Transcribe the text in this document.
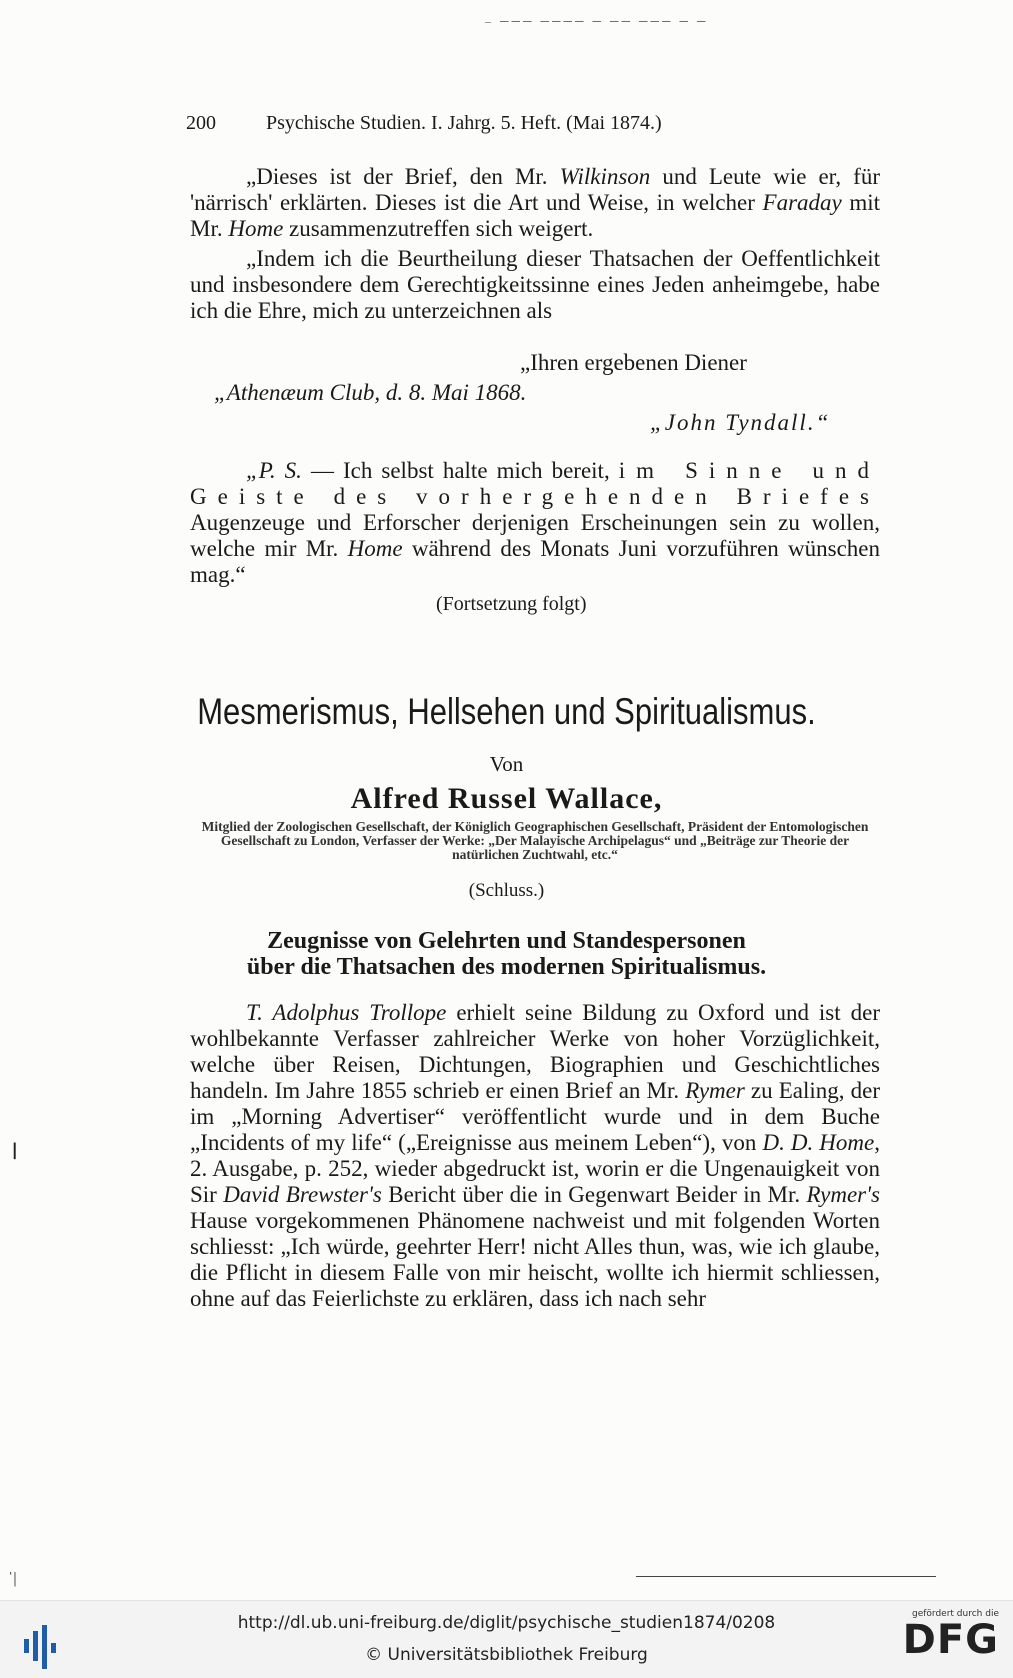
‒ ─── ──── ─ ── ─── ─ ─
200	Psychische Studien. I. Jahrg. 5. Heft. (Mai 1874.)

„Dieses ist der Brief, den Mr. Wilkinson und Leute wie er, für 'närrisch' erklärten. Dieses ist die Art und Weise, in welcher Faraday mit Mr. Home zusammenzutreffen sich weigert.

„Indem ich die Beurtheilung dieser Thatsachen der Oeffentlichkeit und insbesondere dem Gerechtigkeitssinne eines Jeden anheimgebe, habe ich die Ehre, mich zu unterzeichnen als

„Ihren ergebenen Diener
„Athenæum Club, d. 8. Mai 1868.
„John Tyndall.“

„P. S. — Ich selbst halte mich bereit, im Sinne und Geiste des vorhergehenden Briefes Augenzeuge und Erforscher derjenigen Erscheinungen sein zu wollen, welche mir Mr. Home während des Monats Juni vorzuführen wünschen mag.“

(Fortsetzung folgt)
Mesmerismus, Hellsehen und Spiritualismus.
Von
Alfred Russel Wallace,
Mitglied der Zoologischen Gesellschaft, der Königlich Geographischen Gesellschaft, Präsident der Entomologischen Gesellschaft zu London, Verfasser der Werke: „Der Malayische Archipelagus“ und „Beiträge zur Theorie der natürlichen Zuchtwahl, etc.“
(Schluss.)
Zeugnisse von Gelehrten und Standespersonen
über die Thatsachen des modernen Spiritualismus.

T. Adolphus Trollope erhielt seine Bildung zu Oxford und ist der wohlbekannte Verfasser zahlreicher Werke von hoher Vorzüglichkeit, welche über Reisen, Dichtungen, Biographien und Geschichtliches handeln. Im Jahre 1855 schrieb er einen Brief an Mr. Rymer zu Ealing, der im „Morning Advertiser“ veröffentlicht wurde und in dem Buche „Incidents of my life“ („Ereignisse aus meinem Leben“), von D. D. Home, 2. Ausgabe, p. 252, wieder abgedruckt ist, worin er die Ungenauigkeit von Sir David Brewster's Bericht über die in Gegenwart Beider in Mr. Rymer's Hause vorgekommenen Phänomene nachweist und mit folgenden Worten schliesst: „Ich würde, geehrter Herr! nicht Alles thun, was, wie ich glaube, die Pflicht in diesem Falle von mir heischt, wollte ich hiermit schliessen, ohne auf das Feierlichste zu erklären, dass ich nach sehr

❘
ˈ|
http://dl.ub.uni-freiburg.de/diglit/psychische_studien1874/0208
© Universitätsbibliothek Freiburg
gefördert durch die
DFG
